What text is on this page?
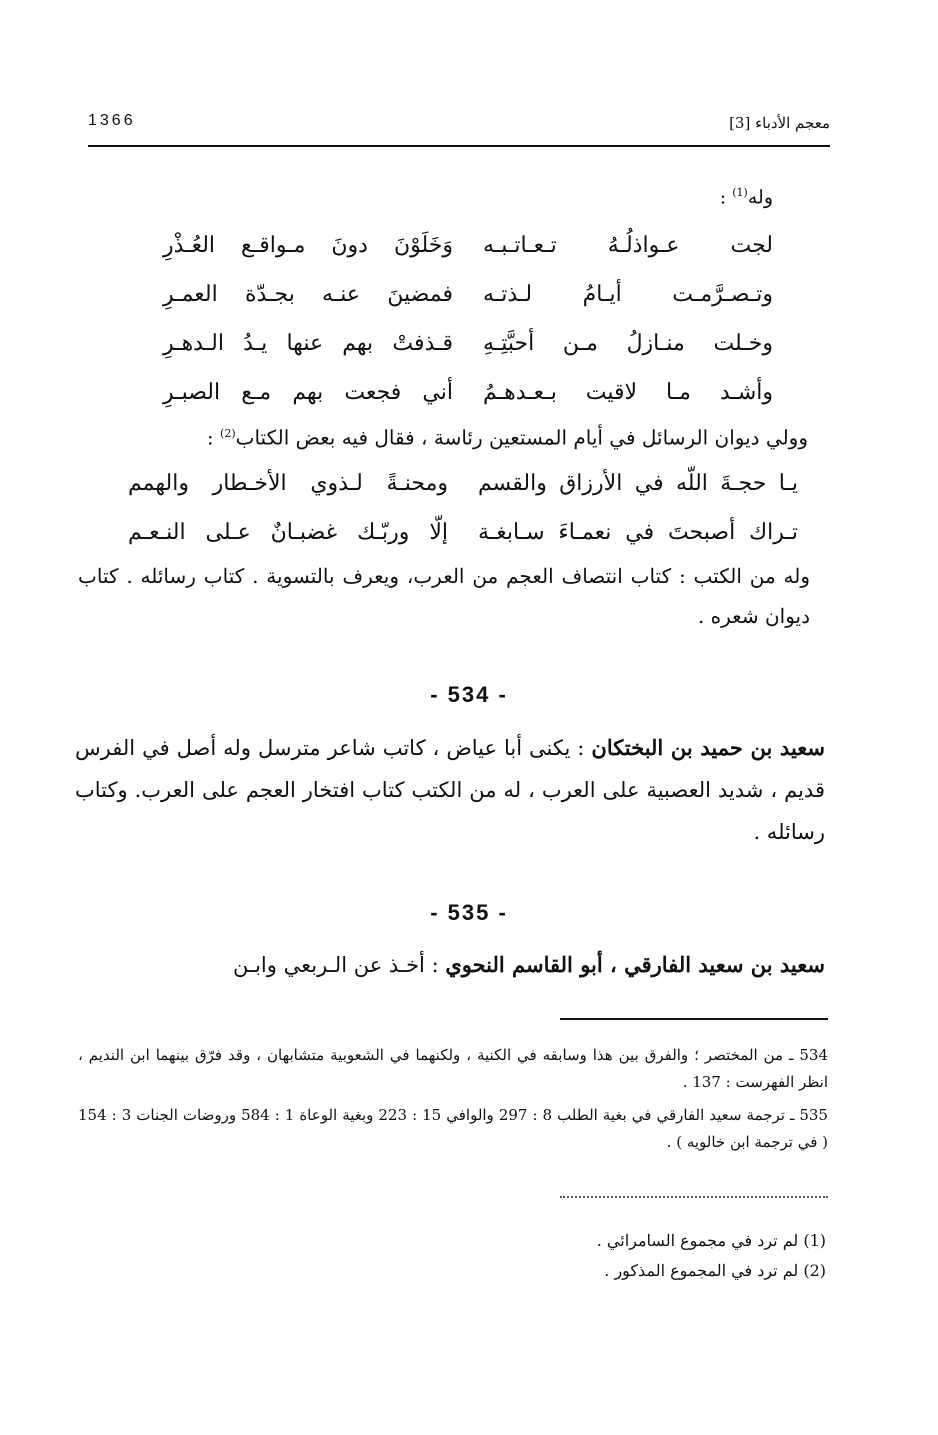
1366	معجم الأدباء [3]
وله$^{(1)}$ :
لجت عـواذلُـهُ تـعـاتـبـه
وَخَلَوْنَ دونَ مـواقـع العُـذْرِ
وتـصـرَّمـت أيـامُ لـذتـه
فمضينَ عنـه بجـدّة العمـرِ
وخـلت منـازلُ مـن أحبَّتِـهِ
قـذفتْ بهم عنها يـدُ الـدهـرِ
وأشـد مـا لاقيت بـعـدهـمُ
أني فجعت بهم مـع الصبـرِ
وولي ديوان الرسائل في أيام المستعين رئاسة ، فقال فيه بعض الكتاب$^{(2)}$ :
يـا حجـةَ اللّه في الأرزاق والقسم
ومحنـةً لـذوي الأخـطار والهمم
تـراك أصبحتَ في نعمـاءَ سـابغـة
إلّا وربّـك غضبـانٌ عـلى النـعـم
وله من الكتب : كتاب انتصاف العجم من العرب، ويعرف بالتسوية . كتاب رسائله . كتاب ديوان شعره .
- 534 -
سعيد بن حميد بن البختكان : يكنى أبا عياض ، كاتب شاعر مترسل وله أصل في الفرس قديم ، شديد العصبية على العرب ، له من الكتب كتاب افتخار العجم على العرب. وكتاب رسائله .
- 535 -
سعيد بن سعيد الفارقي ، أبو القاسم النحوي : أخـذ عن الـربعي وابـن

534 ـ من المختصر ؛ والفرق بين هذا وسابقه في الكنية ، ولكنهما في الشعوبية متشابهان ، وقد فرّق بينهما ابن النديم ، انظر الفهرست : 137 .

535 ـ ترجمة سعيد الفارقي في بغية الطلب 8 : 297 والوافي 15 : 223 وبغية الوعاة 1 : 584 وروضات الجنات 3 : 154 ( في ترجمة ابن خالويه ) .

(1) لم ترد في مجموع السامرائي .
(2) لم ترد في المجموع المذكور .
